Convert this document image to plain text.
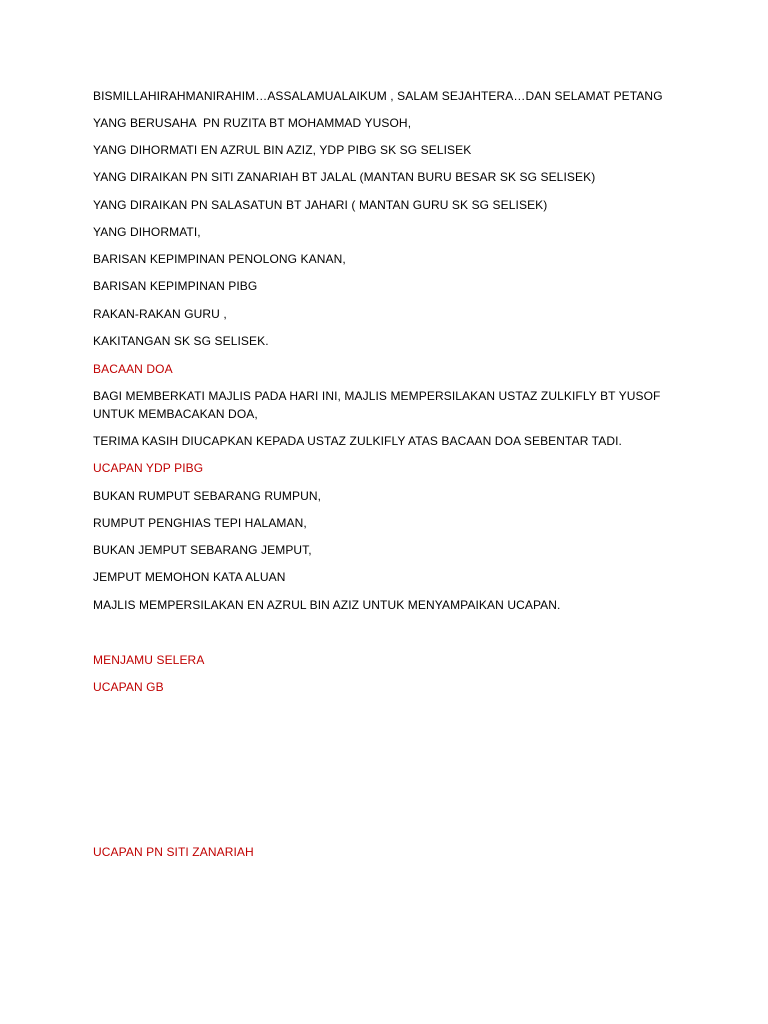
BISMILLAHIRAHMANIRAHIM…ASSALAMUALAIKUM , SALAM SEJAHTERA…DAN SELAMAT PETANG
YANG BERUSAHA  PN RUZITA BT MOHAMMAD YUSOH,
YANG DIHORMATI EN AZRUL BIN AZIZ, YDP PIBG SK SG SELISEK
YANG DIRAIKAN PN SITI ZANARIAH BT JALAL (MANTAN BURU BESAR SK SG SELISEK)
YANG DIRAIKAN PN SALASATUN BT JAHARI ( MANTAN GURU SK SG SELISEK)
YANG DIHORMATI,
BARISAN KEPIMPINAN PENOLONG KANAN,
BARISAN KEPIMPINAN PIBG
RAKAN-RAKAN GURU ,
KAKITANGAN SK SG SELISEK.
BACAAN DOA
BAGI MEMBERKATI MAJLIS PADA HARI INI, MAJLIS MEMPERSILAKAN USTAZ ZULKIFLY BT YUSOF UNTUK MEMBACAKAN DOA,
TERIMA KASIH DIUCAPKAN KEPADA USTAZ ZULKIFLY ATAS BACAAN DOA SEBENTAR TADI.
UCAPAN YDP PIBG
BUKAN RUMPUT SEBARANG RUMPUN,
RUMPUT PENGHIAS TEPI HALAMAN,
BUKAN JEMPUT SEBARANG JEMPUT,
JEMPUT MEMOHON KATA ALUAN
MAJLIS MEMPERSILAKAN EN AZRUL BIN AZIZ UNTUK MENYAMPAIKAN UCAPAN.
MENJAMU SELERA
UCAPAN GB
UCAPAN PN SITI ZANARIAH
